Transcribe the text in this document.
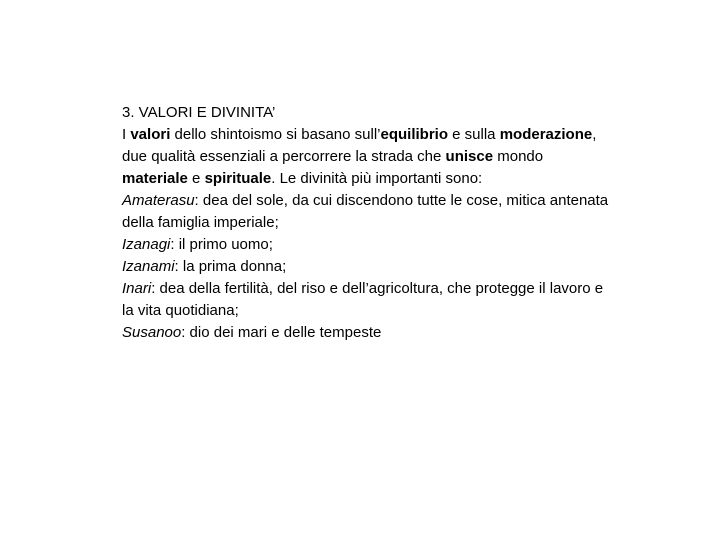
3. VALORI E DIVINITA’
I valori dello shintoismo si basano sull’equilibrio e sulla moderazione, due qualità essenziali a percorrere la strada che unisce mondo materiale e spirituale. Le divinità più importanti sono:
Amaterasu: dea del sole, da cui discendono tutte le cose, mitica antenata della famiglia imperiale;
Izanagi: il primo uomo;
Izanami: la prima donna;
Inari: dea della fertilità, del riso e dell’agricoltura, che protegge il lavoro e la vita quotidiana;
Susanoo: dio dei mari e delle tempeste
